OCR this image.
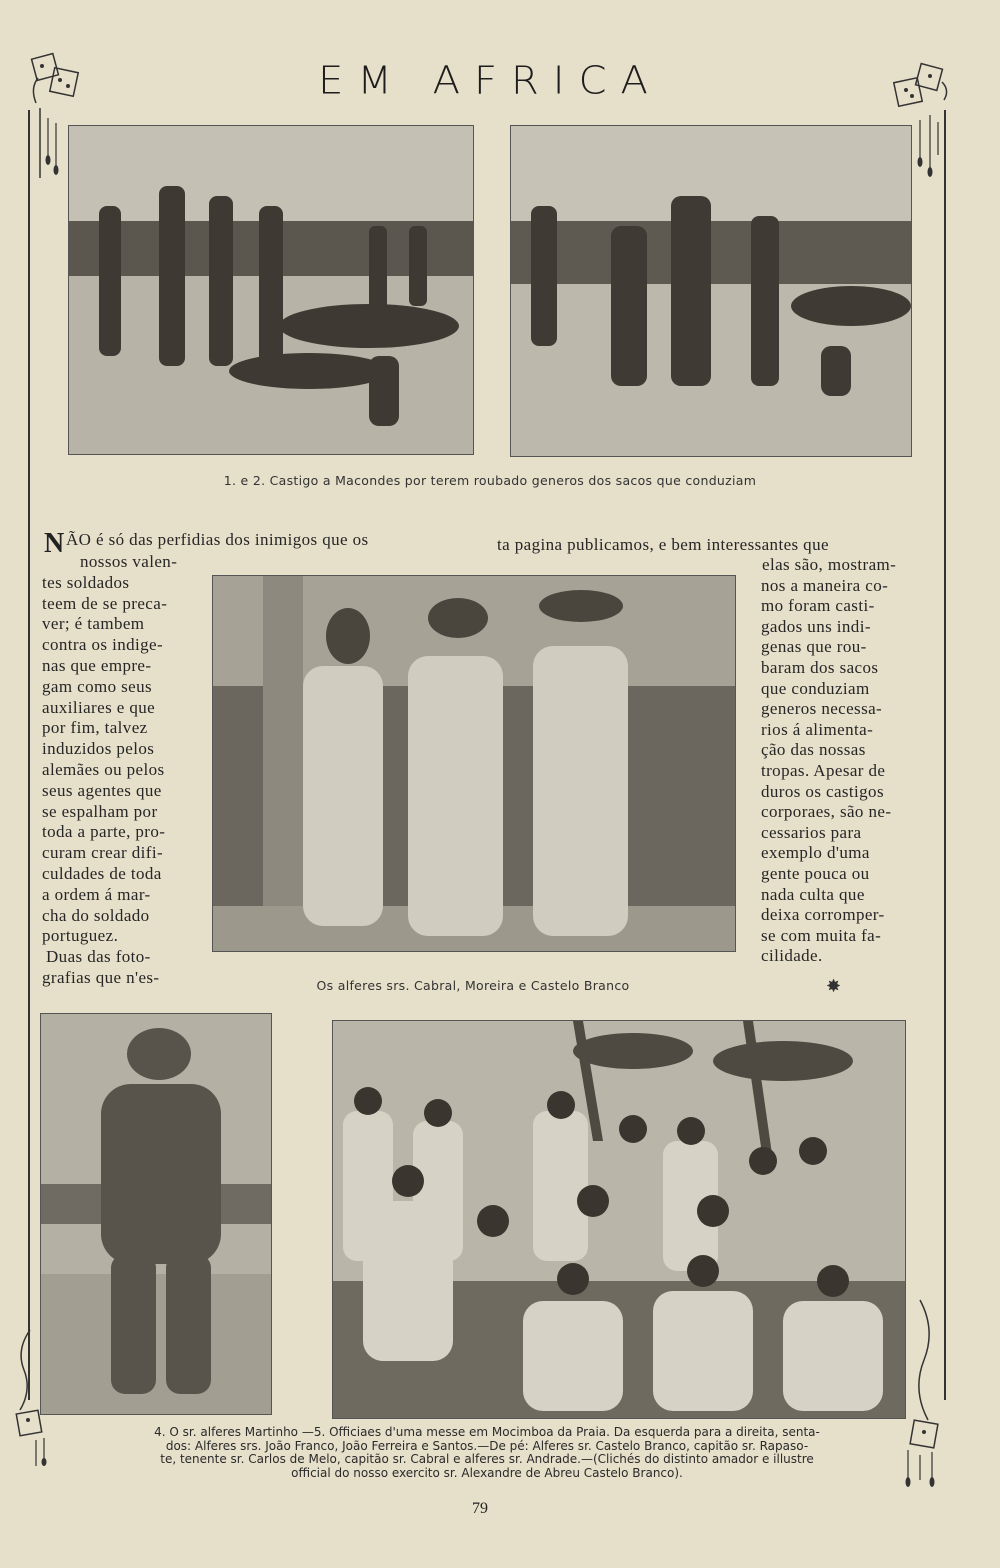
EM AFRICA
1. e 2. Castigo a Macondes por terem roubado generos dos sacos que conduziam
N ÃO é só das perfidias dos inimigos que os	ta pagina publicamos, e bem interessantes que
nossos valen-
tes soldados
teem de se preca-
ver; é tambem
contra os indige-
nas que empre-
gam como seus
auxiliares e que
por fim, talvez
induzidos pelos
alemães ou pelos
seus agentes que
se espalham por
toda a parte, pro-
curam crear difi-
culdades de toda
a ordem á mar-
cha do soldado
portuguez.
Duas das foto-
grafias que n'es-
elas são, mostram-
nos a maneira co-
mo foram casti-
gados uns indi-
genas que rou-
baram dos sacos
que conduziam
generos necessa-
rios á alimenta-
ção das nossas
tropas. Apesar de
duros os castigos
corporaes, são ne-
cessarios para
exemplo d'uma
gente pouca ou
nada culta que
deixa corromper-
se com muita fa-
cilidade.
Os alferes srs. Cabral, Moreira e Castelo Branco	✸
4. O sr. alferes Martinho —5. Officiaes d'uma messe em Mocimboa da Praia. Da esquerda para a direita, senta-
dos: Alferes srs. João Franco, João Ferreira e Santos.—De pé: Alferes sr. Castelo Branco, capitão sr. Rapaso-
te, tenente sr. Carlos de Melo, capitão sr. Cabral e alferes sr. Andrade.—(Clichés do distinto amador e illustre
official do nosso exercito sr. Alexandre de Abreu Castelo Branco).
79
